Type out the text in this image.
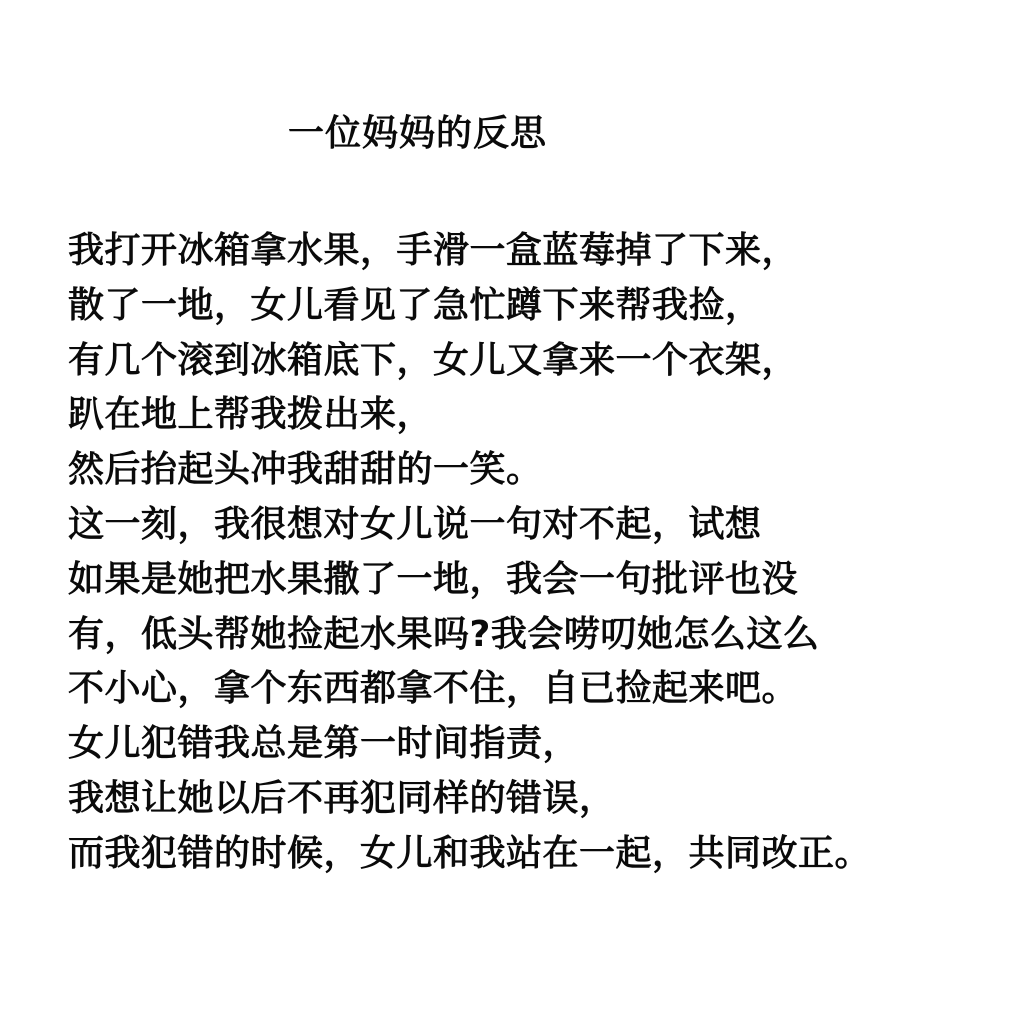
一位妈妈的反思
我打开冰箱拿水果，手滑一盒蓝莓掉了下来，
散了一地，女儿看见了急忙蹲下来帮我捡，
有几个滚到冰箱底下，女儿又拿来一个衣架，
趴在地上帮我拨出来，
然后抬起头冲我甜甜的一笑。
这一刻，我很想对女儿说一句对不起，试想
如果是她把水果撒了一地，我会一句批评也没
有，低头帮她捡起水果吗?我会唠叨她怎么这么
不小心，拿个东西都拿不住，自已捡起来吧。
女儿犯错我总是第一时间指责，
我想让她以后不再犯同样的错误，
而我犯错的时候，女儿和我站在一起，共同改正。
